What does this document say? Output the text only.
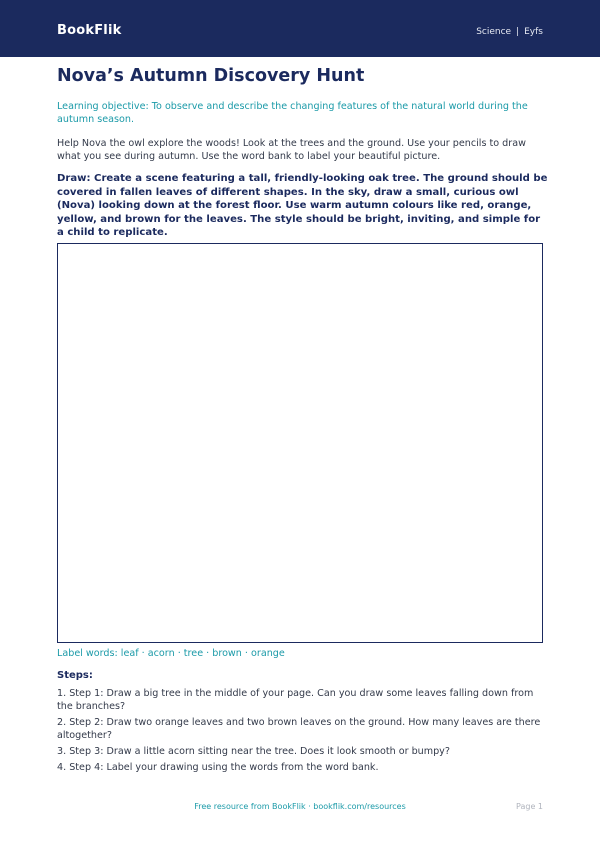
BookFlik	Science | Eyfs
Nova’s Autumn Discovery Hunt

Learning objective: To observe and describe the changing features of the natural world during the autumn season.

Help Nova the owl explore the woods! Look at the trees and the ground. Use your pencils to draw what you see during autumn. Use the word bank to label your beautiful picture.

Draw: Create a scene featuring a tall, friendly-looking oak tree. The ground should be covered in fallen leaves of different shapes. In the sky, draw a small, curious owl (Nova) looking down at the forest floor. Use warm autumn colours like red, orange, yellow, and brown for the leaves. The style should be bright, inviting, and simple for a child to replicate.

Label words: leaf · acorn · tree · brown · orange

Steps:

1. Step 1: Draw a big tree in the middle of your page. Can you draw some leaves falling down from the branches?
2. Step 2: Draw two orange leaves and two brown leaves on the ground. How many leaves are there altogether?
3. Step 3: Draw a little acorn sitting near the tree. Does it look smooth or bumpy?
4. Step 4: Label your drawing using the words from the word bank.
Free resource from BookFlik · bookflik.com/resources	Page 1
